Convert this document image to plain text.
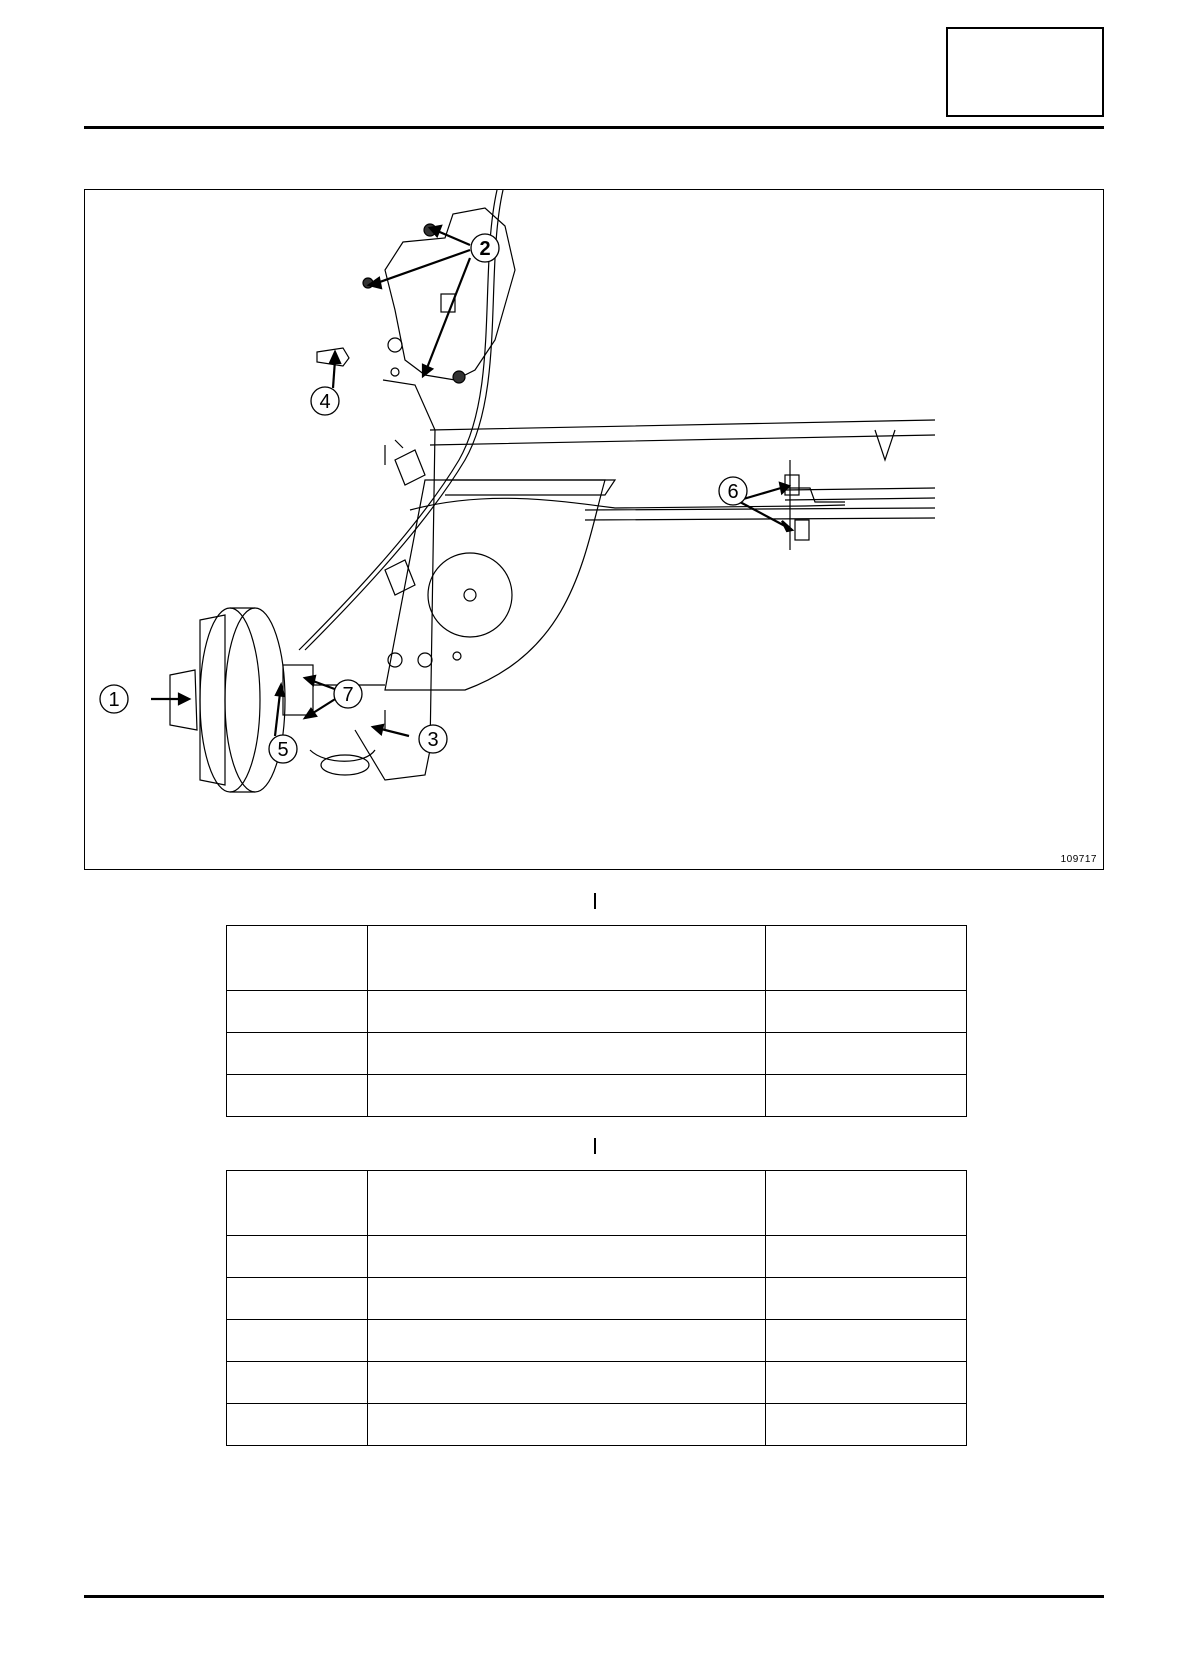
2
4
1	7
3
5
6
109717
